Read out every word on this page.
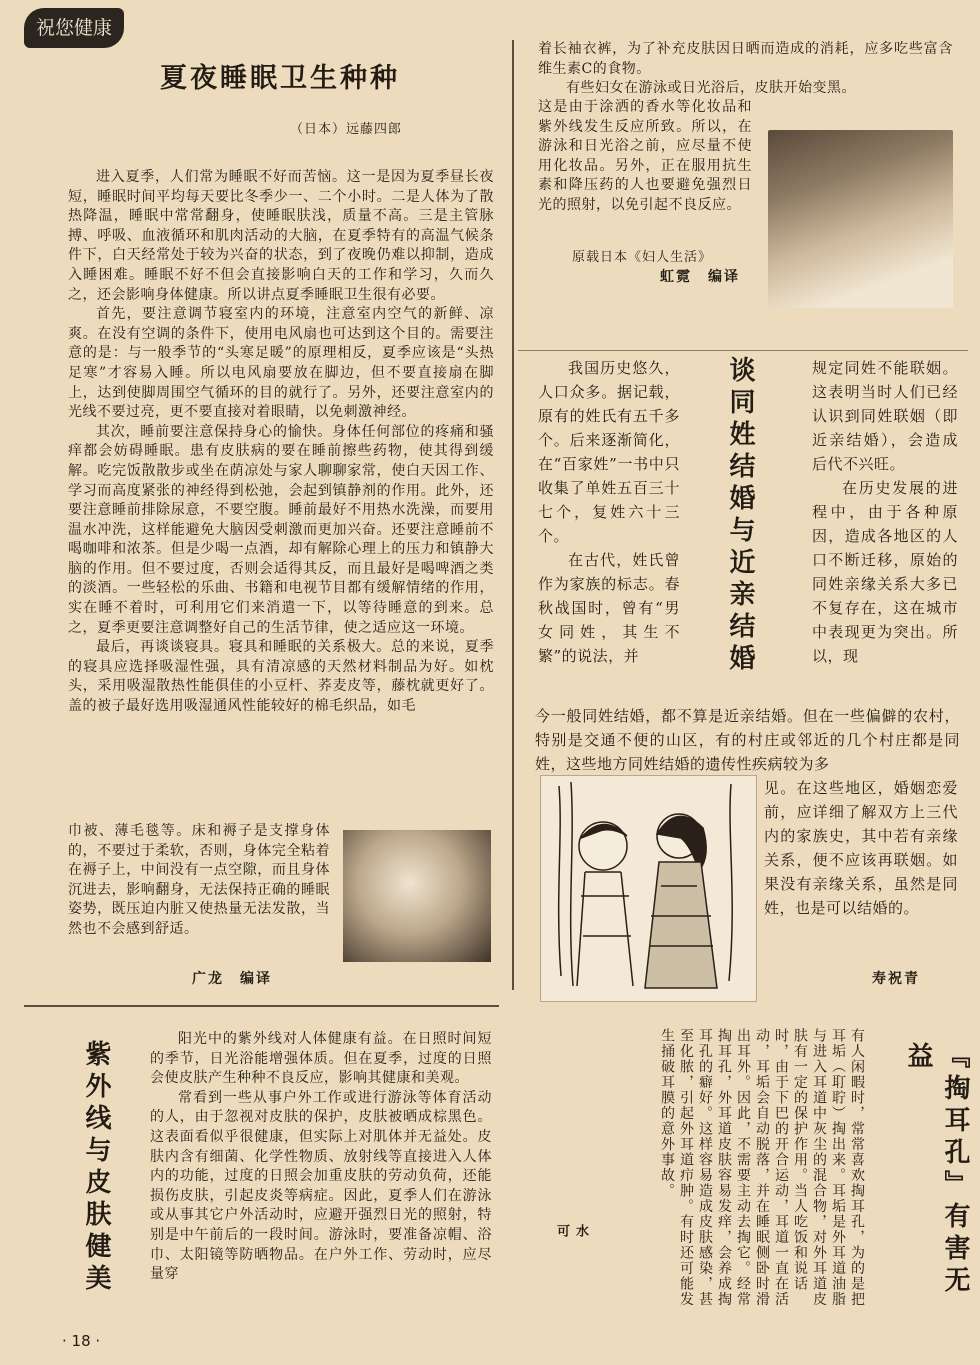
祝您健康
夏夜睡眠卫生种种
（日本）远藤四郎

进入夏季，人们常为睡眠不好而苦恼。这一是因为夏季昼长夜短，睡眠时间平均每天要比冬季少一、二个小时。二是人体为了散热降温，睡眠中常常翻身，使睡眠肤浅，质量不高。三是主管脉搏、呼吸、血液循环和肌肉活动的大脑，在夏季特有的高温气候条件下，白天经常处于较为兴奋的状态，到了夜晚仍难以抑制，造成入睡困难。睡眠不好不但会直接影响白天的工作和学习，久而久之，还会影响身体健康。所以讲点夏季睡眠卫生很有必要。

首先，要注意调节寝室内的环境，注意室内空气的新鲜、凉爽。在没有空调的条件下，使用电风扇也可达到这个目的。需要注意的是：与一般季节的“头寒足暖”的原理相反，夏季应该是“头热足寒”才容易入睡。所以电风扇要放在脚边，但不要直接扇在脚上，达到使脚周围空气循环的目的就行了。另外，还要注意室内的光线不要过亮，更不要直接对着眼睛，以免刺激神经。

其次，睡前要注意保持身心的愉快。身体任何部位的疼痛和骚痒都会妨碍睡眠。患有皮肤病的要在睡前擦些药物，使其得到缓解。吃完饭散散步或坐在荫凉处与家人聊聊家常，使白天因工作、学习而高度紧张的神经得到松弛，会起到镇静剂的作用。此外，还要注意睡前排除尿意，不要空腹。睡前最好不用热水洗澡，而要用温水冲洗，这样能避免大脑因受刺激而更加兴奋。还要注意睡前不喝咖啡和浓茶。但是少喝一点酒，却有解除心理上的压力和镇静大脑的作用。但不要过度，否则会适得其反，而且最好是喝啤酒之类的淡酒。一些轻松的乐曲、书籍和电视节目都有缓解情绪的作用，实在睡不着时，可利用它们来消遣一下，以等待睡意的到来。总之，夏季更要注意调整好自己的生活节律，使之适应这一环境。

最后，再谈谈寝具。寝具和睡眠的关系极大。总的来说，夏季的寝具应选择吸湿性强，具有清凉感的天然材料制品为好。如枕头，采用吸湿散热性能俱佳的小豆杆、荞麦皮等，藤枕就更好了。盖的被子最好选用吸湿通风性能较好的棉毛织品，如毛

巾被、薄毛毯等。床和褥子是支撑身体的，不要过于柔软，否则，身体完全粘着在褥子上，中间没有一点空隙，而且身体沉进去，影响翻身，无法保持正确的睡眠姿势，既压迫内脏又使热量无法发散，当然也不会感到舒适。

广龙　编译

着长袖衣裤，为了补充皮肤因日晒而造成的消耗，应多吃些富含维生素C的食物。

有些妇女在游泳或日光浴后，皮肤开始变黑。

这是由于涂洒的香水等化妆品和紫外线发生反应所致。所以，在游泳和日光浴之前，应尽量不使用化妆品。另外，正在服用抗生素和降压药的人也要避免强烈日光的照射，以免引起不良反应。

原载日本《妇人生活》
虹霓　编译

我国历史悠久，人口众多。据记载，原有的姓氏有五千多个。后来逐渐简化，在“百家姓”一书中只收集了单姓五百三十七个，复姓六十三个。

在古代，姓氏曾作为家族的标志。春秋战国时，曾有“男女同姓，其生不繁”的说法，并	谈同姓结婚与近亲结婚	规定同姓不能联姻。这表明当时人们已经认识到同姓联姻（即近亲结婚），会造成后代不兴旺。

在历史发展的进程中，由于各种原因，造成各地区的人口不断迁移，原始的同姓亲缘关系大多已不复存在，这在城市中表现更为突出。所以，现

今一般同姓结婚，都不算是近亲结婚。但在一些偏僻的农村，特别是交通不便的山区，有的村庄或邻近的几个村庄都是同姓，这些地方同姓结婚的遗传性疾病较为多

见。在这些地区，婚姻恋爱前，应详细了解双方上三代内的家族史，其中若有亲缘关系，便不应该再联姻。如果没有亲缘关系，虽然是同姓，也是可以结婚的。

寿祝青
紫外线与皮肤健美

阳光中的紫外线对人体健康有益。在日照时间短的季节，日光浴能增强体质。但在夏季，过度的日照会使皮肤产生种种不良反应，影响其健康和美观。

常看到一些从事户外工作或进行游泳等体育活动的人，由于忽视对皮肤的保护，皮肤被晒成棕黑色。这表面看似乎很健康，但实际上对肌体并无益处。皮肤内含有细菌、化学性物质、放射线等直接进入人体内的功能，过度的日照会加重皮肤的劳动负荷，还能损伤皮肤，引起皮炎等病症。因此，夏季人们在游泳或从事其它户外活动时，应避开强烈日光的照射，特别是中午前后的一段时间。游泳时，要准备凉帽、浴巾、太阳镜等防晒物品。在户外工作、劳动时，应尽量穿	有人闲暇时，常常喜欢掏耳孔，为的是把耳垢（耵聍）掏出来。耳垢是外耳道油脂与进入耳道中灰尘的混合物，对外耳道皮肤有一定的保护作用。当人吃饭和说话时，由于下巴的开合运动，耳道一直在活动，耳垢会自动脱落，并在睡眠侧卧时滑出耳外。因此，不需要主动去掏它。经常掏耳孔，外耳道皮肤容易发痒，会养成掏耳孔的癖好。这样容易造成皮肤感染，甚至化脓，引起外耳道疖肿。有时还可能发生捅破耳膜的意外事故。	『掏耳孔』有害无益
水　可
· 18 ·
